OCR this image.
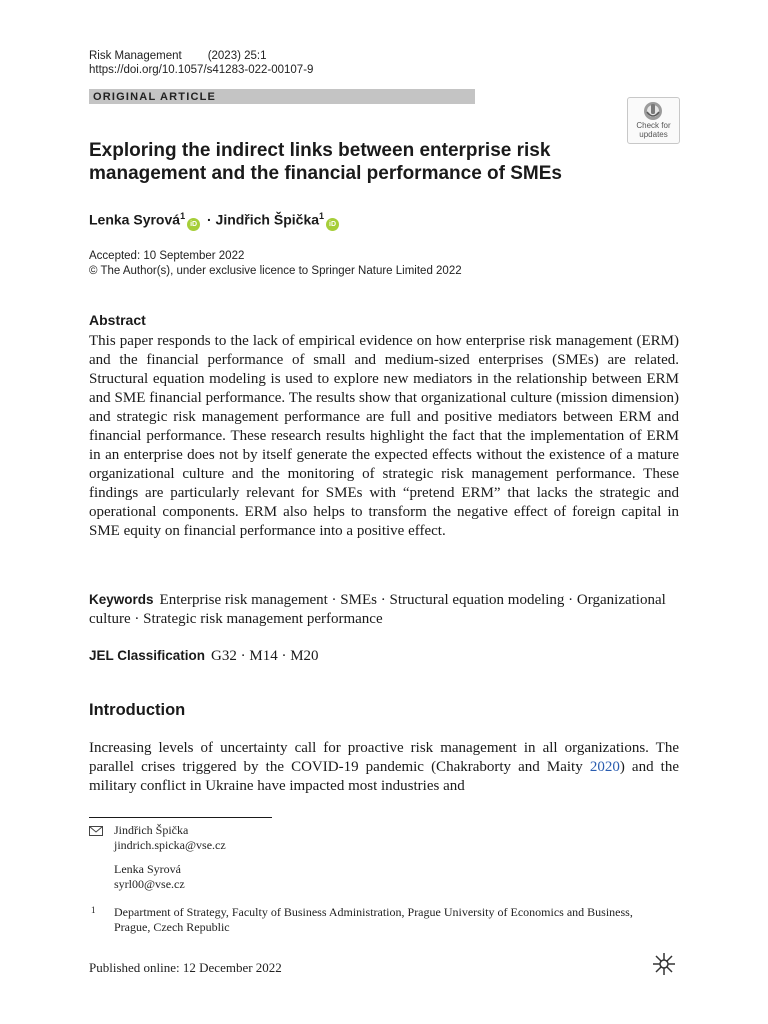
Risk Management (2023) 25:1
https://doi.org/10.1057/s41283-022-00107-9
ORIGINAL ARTICLE
Check for
updates
Exploring the indirect links between enterprise risk management and the financial performance of SMEs
Lenka Syrová$^1$iD · Jindřich Špička$^1$iD
Accepted: 10 September 2022
© The Author(s), under exclusive licence to Springer Nature Limited 2022
Abstract
This paper responds to the lack of empirical evidence on how enterprise risk management (ERM) and the financial performance of small and medium-sized enterprises (SMEs) are related. Structural equation modeling is used to explore new mediators in the relationship between ERM and SME financial performance. The results show that organizational culture (mission dimension) and strategic risk management performance are full and positive mediators between ERM and financial performance. These research results highlight the fact that the implementation of ERM in an enterprise does not by itself generate the expected effects without the existence of a mature organizational culture and the monitoring of strategic risk management performance. These findings are particularly relevant for SMEs with “pretend ERM” that lacks the strategic and operational components. ERM also helps to transform the negative effect of foreign capital in SME equity on financial performance into a positive effect.
Keywords Enterprise risk management · SMEs · Structural equation modeling · Organizational culture · Strategic risk management performance
JEL Classification G32 · M14 · M20
Introduction
Increasing levels of uncertainty call for proactive risk management in all organizations. The parallel crises triggered by the COVID-19 pandemic (Chakraborty and Maity 2020) and the military conflict in Ukraine have impacted most industries and
Jindřich Špička
jindrich.spicka@vse.cz
Lenka Syrová
syrl00@vse.cz
1 Department of Strategy, Faculty of Business Administration, Prague University of Economics and Business, Prague, Czech Republic
Published online: 12 December 2022
